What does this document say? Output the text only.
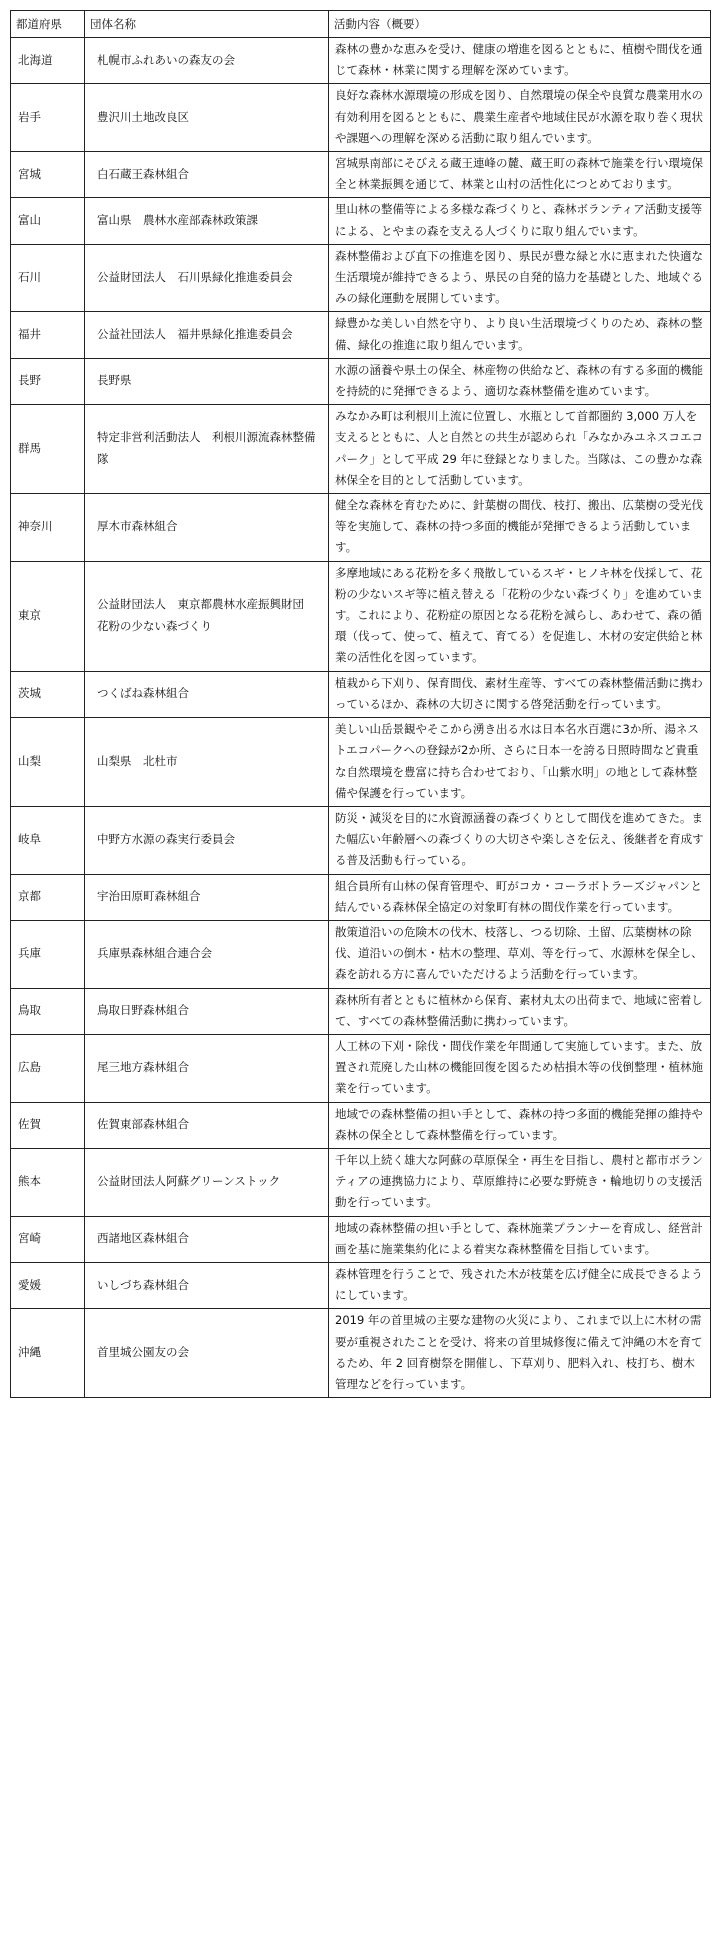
都道府県	団体名称	活動内容（概要）
北海道	札幌市ふれあいの森友の会	森林の豊かな恵みを受け、健康の増進を図るとともに、植樹や間伐を通じて森林・林業に関する理解を深めています。
岩手	豊沢川土地改良区	良好な森林水源環境の形成を図り、自然環境の保全や良質な農業用水の有効利用を図るとともに、農業生産者や地域住民が水源を取り巻く現状や課題への理解を深める活動に取り組んでいます。
宮城	白石蔵王森林組合	宮城県南部にそびえる蔵王連峰の麓、蔵王町の森林で施業を行い環境保全と林業振興を通じて、林業と山村の活性化につとめております。
富山	富山県　農林水産部森林政策課	里山林の整備等による多様な森づくりと、森林ボランティア活動支援等による、とやまの森を支える人づくりに取り組んでいます。
石川	公益財団法人　石川県緑化推進委員会	森林整備および直下の推進を図り、県民が豊な緑と水に恵まれた快適な生活環境が維持できるよう、県民の自発的協力を基礎とした、地域ぐるみの緑化運動を展開しています。
福井	公益社団法人　福井県緑化推進委員会	緑豊かな美しい自然を守り、より良い生活環境づくりのため、森林の整備、緑化の推進に取り組んでいます。
長野	長野県	水源の涵養や県土の保全、林産物の供給など、森林の有する多面的機能を持続的に発揮できるよう、適切な森林整備を進めています。
群馬	特定非営利活動法人　利根川源流森林整備隊	みなかみ町は利根川上流に位置し、水瓶として首都圏約 3,000 万人を支えるとともに、人と自然との共生が認められ「みなかみユネスコエコパーク」として平成 29 年に登録となりました。当隊は、この豊かな森林保全を目的として活動しています。
神奈川	厚木市森林組合	健全な森林を育むために、針葉樹の間伐、枝打、搬出、広葉樹の受光伐等を実施して、森林の持つ多面的機能が発揮できるよう活動しています。
東京	公益財団法人　東京都農林水産振興財団　花粉の少ない森づくり	多摩地域にある花粉を多く飛散しているスギ・ヒノキ林を伐採して、花粉の少ないスギ等に植え替える「花粉の少ない森づくり」を進めています。これにより、花粉症の原因となる花粉を減らし、あわせて、森の循環（伐って、使って、植えて、育てる）を促進し、木材の安定供給と林業の活性化を図っています。
茨城	つくばね森林組合	植栽から下刈り、保育間伐、素材生産等、すべての森林整備活動に携わっているほか、森林の大切さに関する啓発活動を行っています。
山梨	山梨県　北杜市	美しい山岳景観やそこから湧き出る水は日本名水百選に3か所、湯ネストエコパークへの登録が2か所、さらに日本一を誇る日照時間など貴重な自然環境を豊富に持ち合わせており、「山紫水明」の地として森林整備や保護を行っています。
岐阜	中野方水源の森実行委員会	防災・減災を目的に水資源涵養の森づくりとして間伐を進めてきた。また幅広い年齢層への森づくりの大切さや楽しさを伝え、後継者を育成する普及活動も行っている。
京都	宇治田原町森林組合	組合員所有山林の保育管理や、町がコカ・コーラボトラーズジャパンと結んでいる森林保全協定の対象町有林の間伐作業を行っています。
兵庫	兵庫県森林組合連合会	散策道沿いの危険木の伐木、枝落し、つる切除、土留、広葉樹林の除伐、道沿いの倒木・枯木の整理、草刈、等を行って、水源林を保全し、森を訪れる方に喜んでいただけるよう活動を行っています。
鳥取	鳥取日野森林組合	森林所有者とともに植林から保育、素材丸太の出荷まで、地域に密着して、すべての森林整備活動に携わっています。
広島	尾三地方森林組合	人工林の下刈・除伐・間伐作業を年間通して実施しています。また、放置され荒廃した山林の機能回復を図るため枯損木等の伐倒整理・植林施業を行っています。
佐賀	佐賀東部森林組合	地域での森林整備の担い手として、森林の持つ多面的機能発揮の維持や森林の保全として森林整備を行っています。
熊本	公益財団法人阿蘇グリーンストック	千年以上続く雄大な阿蘇の草原保全・再生を目指し、農村と都市ボランティアの連携協力により、草原維持に必要な野焼き・輪地切りの支援活動を行っています。
宮崎	西諸地区森林組合	地域の森林整備の担い手として、森林施業プランナーを育成し、経営計画を基に施業集約化による着実な森林整備を目指しています。
愛媛	いしづち森林組合	森林管理を行うことで、残された木が枝葉を広げ健全に成長できるようにしています。
沖縄	首里城公園友の会	2019 年の首里城の主要な建物の火災により、これまで以上に木材の需要が重視されたことを受け、将来の首里城修復に備えて沖縄の木を育てるため、年 2 回育樹祭を開催し、下草刈り、肥料入れ、枝打ち、樹木管理などを行っています。
